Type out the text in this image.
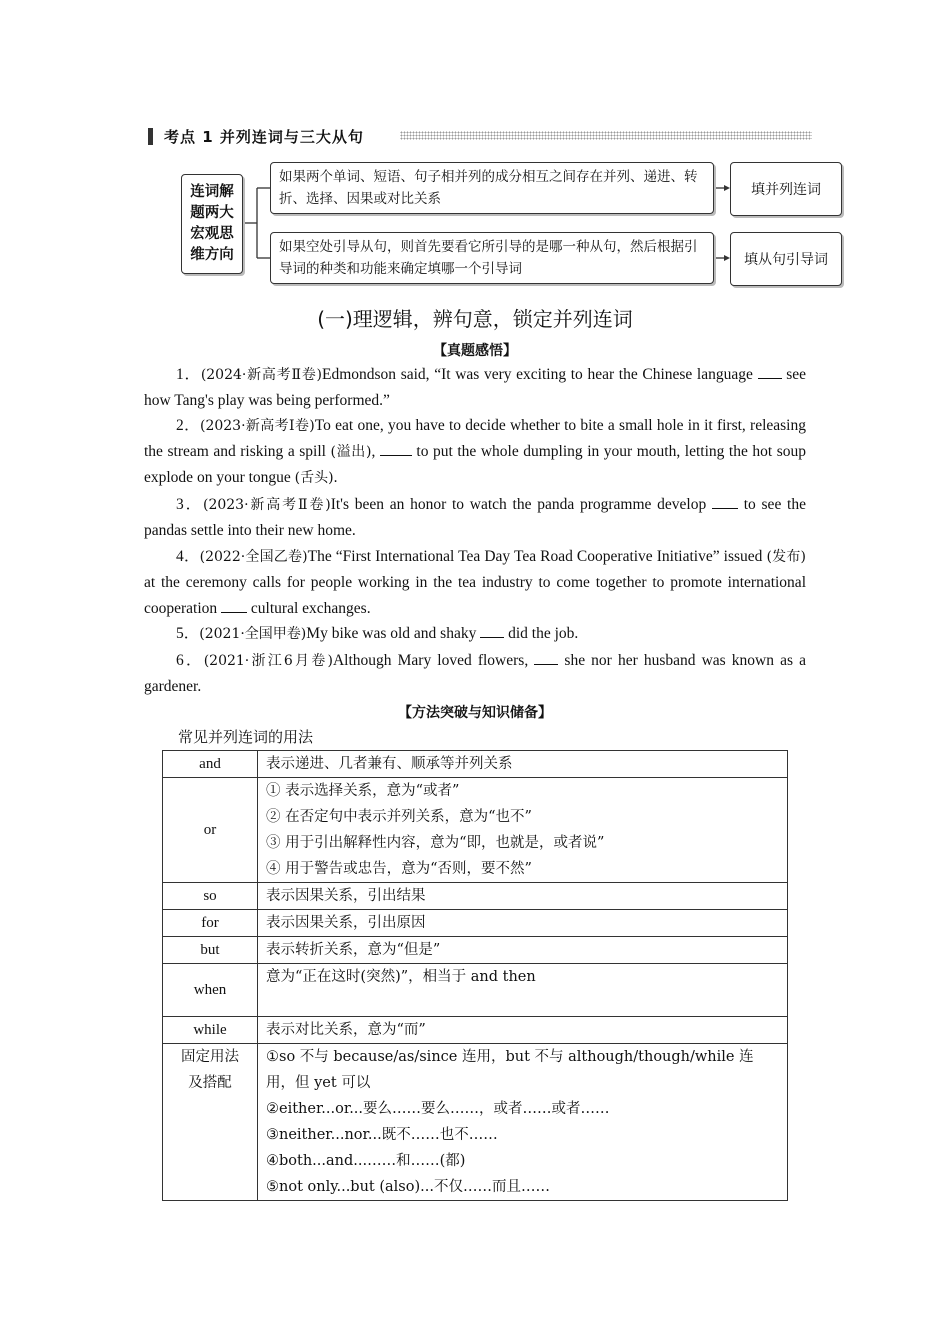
考点 1 并列连词与三大从句
连词解题两大宏观思维方向
如果两个单词、短语、句子相并列的成分相互之间存在并列、递进、转折、选择、因果或对比关系
如果空处引导从句，则首先要看它所引导的是哪一种从句，然后根据引导词的种类和功能来确定填哪一个引导词
填并列连词
填从句引导词
(一)理逻辑，辨句意，锁定并列连词
【真题感悟】
1．(2024·新高考Ⅱ卷)Edmondson said, “It was very exciting to hear the Chinese language see how Tang's play was being performed.”
2．(2023·新高考Ⅰ卷)To eat one, you have to decide whether to bite a small hole in it first, releasing the stream and risking a spill (溢出),	to put the whole dumpling in your mouth, letting the hot soup explode on your tongue (舌头).
3．(2023·新高考Ⅱ卷)It's been an honor to watch the panda programme develop to see the pandas settle into their new home.
4．(2022·全国乙卷)The “First International Tea Day Tea Road Cooperative Initiative” issued (发布) at the ceremony calls for people working in the tea industry to come together to promote international cooperation cultural exchanges.
5．(2021·全国甲卷)My bike was old and shaky did the job.
6．(2021·浙江6月卷)Although Mary loved flowers, she nor her husband was known as a gardener.
【方法突破与知识储备】
常见并列连词的用法
and	表示递进、几者兼有、顺承等并列关系

or	① 表示选择关系，意为“或者”
② 在否定句中表示并列关系，意为“也不”
③ 用于引出解释性内容，意为“即，也就是，或者说”
④ 用于警告或忠告，意为“否则，要不然”

so	表示因果关系，引出结果

for	表示因果关系，引出原因

but	表示转折关系，意为“但是”

when	意为“正在这时(突然)”，相当于 and then

while	表示对比关系，意为“而”

固定用法及搭配	①so 不与 because/as/since 连用，but 不与 although/though/while 连用，但 yet 可以
②either...or...要么……要么……，或者……或者……
③neither...nor...既不……也不……
④both...and...……和……(都)
⑤not only...but (also)...不仅……而且……
